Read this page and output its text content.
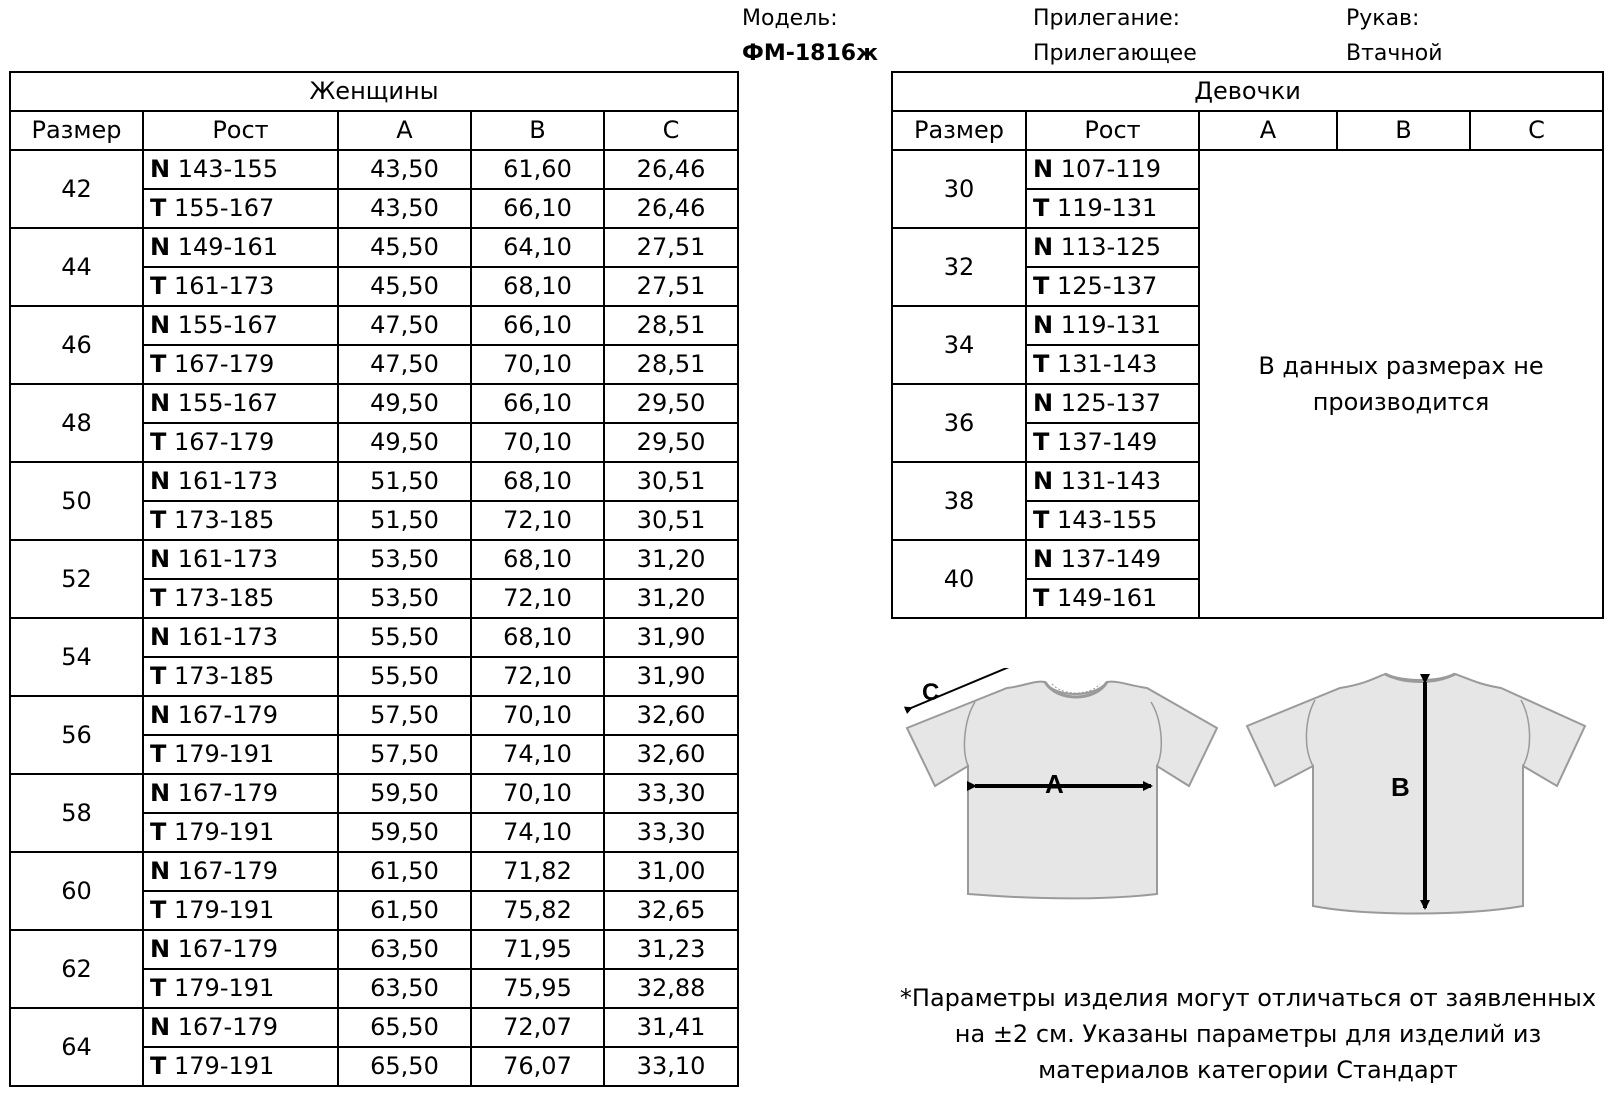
Модель:
ФМ-1816ж
Прилегание:
Прилегающее
Рукав:
Втачной
Женщины				
Размер	Рост	A	B	C
42	N 143-155	43,50	61,60	26,46
	T 155-167	43,50	66,10	26,46
44	N 149-161	45,50	64,10	27,51
	T 161-173	45,50	68,10	27,51
46	N 155-167	47,50	66,10	28,51
	T 167-179	47,50	70,10	28,51
48	N 155-167	49,50	66,10	29,50
	T 167-179	49,50	70,10	29,50
50	N 161-173	51,50	68,10	30,51
	T 173-185	51,50	72,10	30,51
52	N 161-173	53,50	68,10	31,20
	T 173-185	53,50	72,10	31,20
54	N 161-173	55,50	68,10	31,90
	T 173-185	55,50	72,10	31,90
56	N 167-179	57,50	70,10	32,60
	T 179-191	57,50	74,10	32,60
58	N 167-179	59,50	70,10	33,30
	T 179-191	59,50	74,10	33,30
60	N 167-179	61,50	71,82	31,00
	T 179-191	61,50	75,82	32,65
62	N 167-179	63,50	71,95	31,23
	T 179-191	63,50	75,95	32,88
64	N 167-179	65,50	72,07	31,41
	T 179-191	65,50	76,07	33,10
Девочки				
Размер	Рост	A	B	C
30	N 107-119	В данных размерах не производится		
	T 119-131			
32	N 113-125			
	T 125-137			
34	N 119-131			
	T 131-143			
36	N 125-137			
	T 137-149			
38	N 131-143			
	T 143-155			
40	N 137-149			
	T 149-161			
A
C
B
*Параметры изделия могут отличаться от заявленных на ±2 см. Указаны параметры для изделий из материалов категории Стандарт
